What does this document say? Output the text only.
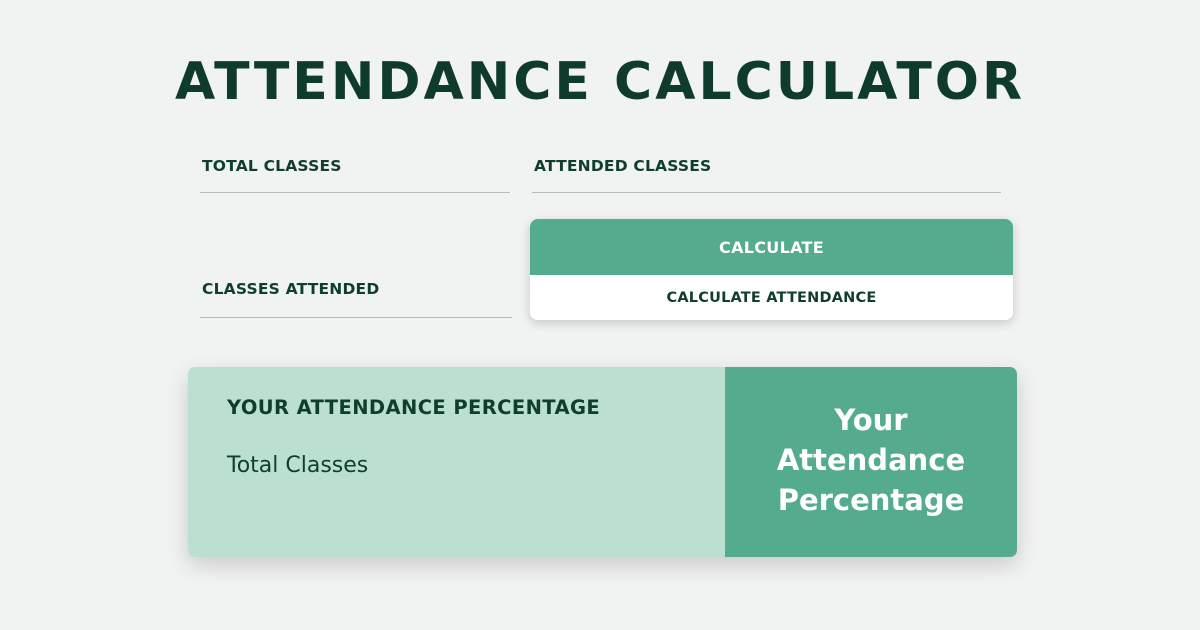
ATTENDANCE CALCULATOR
TOTAL CLASSES	ATTENDED CLASSES
CLASSES ATTENDED
CALCULATE
CALCULATE ATTENDANCE
YOUR ATTENDANCE PERCENTAGE
Total Classes
Your Attendance Percentage
